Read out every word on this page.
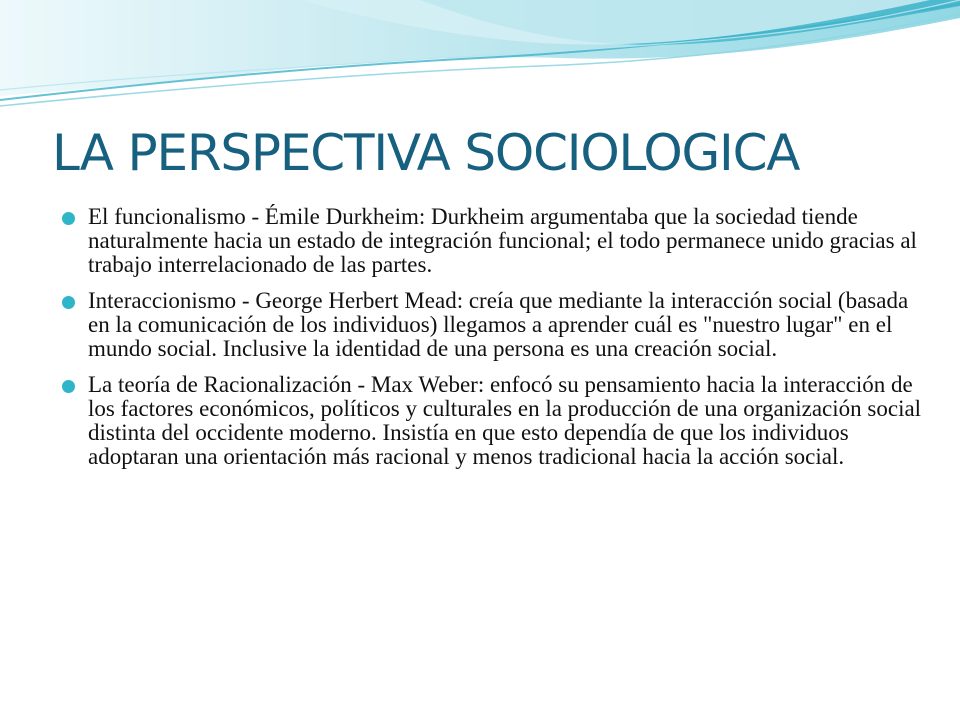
LA PERSPECTIVA SOCIOLOGICA
El funcionalismo - Émile Durkheim: Durkheim argumentaba que la sociedad tiende naturalmente hacia un estado de integración funcional; el todo permanece unido gracias al trabajo interrelacionado de las partes.
Interaccionismo - George Herbert Mead: creía que mediante la interacción social (basada en la comunicación de los individuos) llegamos a aprender cuál es "nuestro lugar" en el mundo social. Inclusive la identidad de una persona es una creación social.
La teoría de Racionalización - Max Weber: enfocó su pensamiento hacia la interacción de los factores económicos, políticos y culturales en la producción de una organización social distinta del occidente moderno. Insistía en que esto dependía de que los individuos adoptaran una orientación más racional y menos tradicional hacia la acción social.
